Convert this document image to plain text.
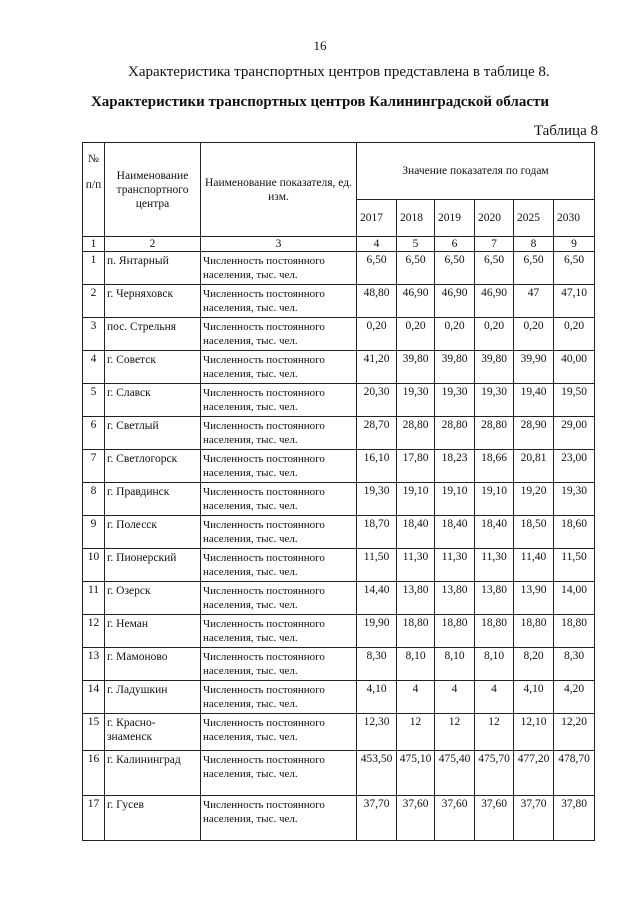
16
Характеристика транспортных центров представлена в таблице 8.
Характеристики транспортных центров Калининградской области
Таблица 8
№
п/п	Наименование транспортного центра	Наименование показателя, ед. изм.	Значение показателя по годам					
			2017	2018	2019	2020	2025	2030
1	2	3	4	5	6	7	8	9
1	п. Янтарный	Численность постоянного населения, тыс. чел.	6,50	6,50	6,50	6,50	6,50	6,50
2	г. Черняховск	Численность постоянного населения, тыс. чел.	48,80	46,90	46,90	46,90	47	47,10
3	пос. Стрельня	Численность постоянного населения, тыс. чел.	0,20	0,20	0,20	0,20	0,20	0,20
4	г. Советск	Численность постоянного населения, тыс. чел.	41,20	39,80	39,80	39,80	39,90	40,00
5	г. Славск	Численность постоянного населения, тыс. чел.	20,30	19,30	19,30	19,30	19,40	19,50
6	г. Светлый	Численность постоянного населения, тыс. чел.	28,70	28,80	28,80	28,80	28,90	29,00
7	г. Светлогорск	Численность постоянного населения, тыс. чел.	16,10	17,80	18,23	18,66	20,81	23,00
8	г. Правдинск	Численность постоянного населения, тыс. чел.	19,30	19,10	19,10	19,10	19,20	19,30
9	г. Полесск	Численность постоянного населения, тыс. чел.	18,70	18,40	18,40	18,40	18,50	18,60
10	г. Пионерский	Численность постоянного населения, тыс. чел.	11,50	11,30	11,30	11,30	11,40	11,50
11	г. Озерск	Численность постоянного населения, тыс. чел.	14,40	13,80	13,80	13,80	13,90	14,00
12	г. Неман	Численность постоянного населения, тыс. чел.	19,90	18,80	18,80	18,80	18,80	18,80
13	г. Мамоново	Численность постоянного населения, тыс. чел.	8,30	8,10	8,10	8,10	8,20	8,30
14	г. Ладушкин	Численность постоянного населения, тыс. чел.	4,10	4	4	4	4,10	4,20
15	г. Красно-знаменск	Численность постоянного населения, тыс. чел.	12,30	12	12	12	12,10	12,20
16	г. Калининград	Численность постоянного населения, тыс. чел.	453,50	475,10	475,40	475,70	477,20	478,70
17	г. Гусев	Численность постоянного населения, тыс. чел.	37,70	37,60	37,60	37,60	37,70	37,80
